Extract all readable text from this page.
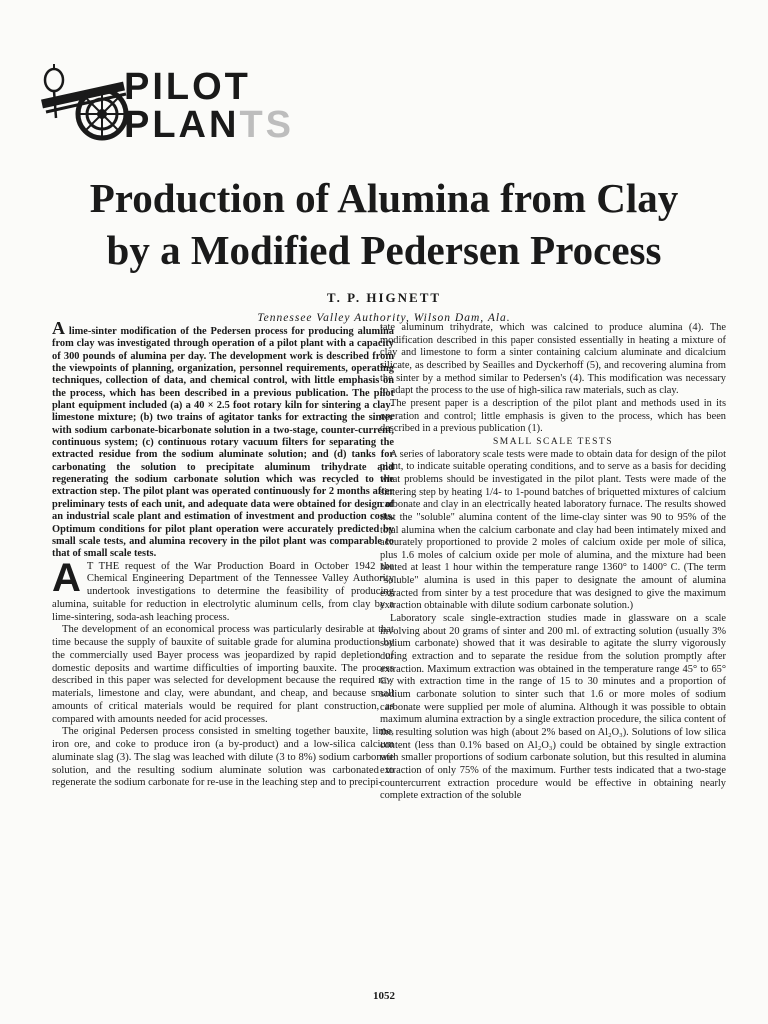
PILOT PLANTS
Production of Alumina from Clay
by a Modified Pedersen Process
T. P. HIGNETT
Tennessee Valley Authority, Wilson Dam, Ala.

A lime-sinter modification of the Pedersen process for producing alumina from clay was investigated through operation of a pilot plant with a capacity of 300 pounds of alumina per day. The development work is described from the viewpoints of planning, organization, personnel requirements, operating techniques, collection of data, and chemical control, with little emphasis on the process, which has been described in a previous publication. The pilot plant equipment included (a) a 40 × 2.5 foot rotary kiln for sintering a clay-limestone mixture; (b) two trains of agitator tanks for extracting the sinter with sodium carbonate-bicarbonate solution in a two-stage, counter-current, continuous system; (c) continuous rotary vacuum filters for separating the extracted residue from the sodium aluminate solution; and (d) tanks for carbonating the solution to precipitate aluminum trihydrate and regenerating the sodium carbonate solution which was recycled to the extraction step. The pilot plant was operated continuously for 2 months after preliminary tests of each unit, and adequate data were obtained for design of an industrial scale plant and estimation of investment and production costs. Optimum conditions for pilot plant operation were accurately predicted by small scale tests, and alumina recovery in the pilot plant was comparable to that of small scale tests.

A T THE request of the War Production Board in October 1942 the Chemical Engineering Department of the Tennessee Valley Authority undertook investigations to determine the feasibility of producing alumina, suitable for reduction in electrolytic aluminum cells, from clay by a lime-sintering, soda-ash leaching process.

The development of an economical process was particularly desirable at that time because the supply of bauxite of suitable grade for alumina production by the commercially used Bayer process was jeopardized by rapid depletion of domestic deposits and wartime difficulties of importing bauxite. The process described in this paper was selected for development because the required raw materials, limestone and clay, were abundant, and cheap, and because small amounts of critical materials would be required for plant construction, as compared with amounts needed for acid processes.

The original Pedersen process consisted in smelting together bauxite, lime, iron ore, and coke to produce iron (a by-product) and a low-silica calcium aluminate slag (3). The slag was leached with dilute (3 to 8%) sodium carbonate solution, and the resulting sodium aluminate solution was carbonated to regenerate the sodium carbonate for re-use in the leaching step and to precipi-

tate aluminum trihydrate, which was calcined to produce alumina (4). The modification described in this paper consisted essentially in heating a mixture of clay and limestone to form a sinter containing calcium aluminate and dicalcium silicate, as described by Seailles and Dyckerhoff (5), and recovering alumina from the sinter by a method similar to Pedersen's (4). This modification was necessary to adapt the process to the use of high-silica raw materials, such as clay.

The present paper is a description of the pilot plant and methods used in its operation and control; little emphasis is given to the process, which has been described in a previous publication (1).

SMALL SCALE TESTS

A series of laboratory scale tests were made to obtain data for design of the pilot plant, to indicate suitable operating conditions, and to serve as a basis for deciding what problems should be investigated in the pilot plant. Tests were made of the sintering step by heating 1/4- to 1-pound batches of briquetted mixtures of calcium carbonate and clay in an electrically heated laboratory furnace. The results showed that the "soluble" alumina content of the lime-clay sinter was 90 to 95% of the total alumina when the calcium carbonate and clay had been intimately mixed and accurately proportioned to provide 2 moles of calcium oxide per mole of silica, plus 1.6 moles of calcium oxide per mole of alumina, and the mixture had been heated at least 1 hour within the temperature range 1360° to 1400° C. (The term "soluble" alumina is used in this paper to designate the amount of alumina extracted from sinter by a test procedure that was designed to give the maximum extraction obtainable with dilute sodium carbonate solution.)

Laboratory scale single-extraction studies made in glassware on a scale involving about 20 grams of sinter and 200 ml. of extracting solution (usually 3% sodium carbonate) showed that it was desirable to agitate the slurry vigorously during extraction and to separate the residue from the solution promptly after extraction. Maximum extraction was obtained in the temperature range 45° to 65° C., with extraction time in the range of 15 to 30 minutes and a proportion of sodium carbonate solution to sinter such that 1.6 or more moles of sodium carbonate were supplied per mole of alumina. Although it was possible to obtain maximum alumina extraction by a single extraction procedure, the silica content of the resulting solution was high (about 2% based on Al₂O₃). Solutions of low silica content (less than 0.1% based on Al₂O₃) could be obtained by single extraction with smaller proportions of sodium carbonate solution, but this resulted in alumina extraction of only 75% of the maximum. Further tests indicated that a two-stage countercurrent extraction procedure would be effective in obtaining nearly complete extraction of the soluble

1052
